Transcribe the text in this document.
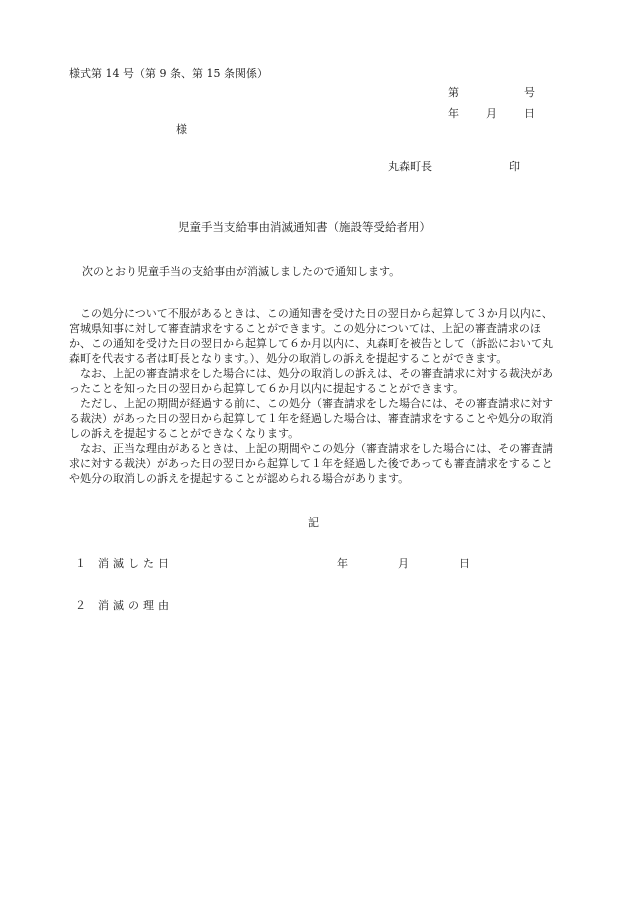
様式第 14 号（第 9 条、第 15 条関係）
第	号
年 月 日
様
丸森町長	印
児童手当支給事由消滅通知書（施設等受給者用）
次のとおり児童手当の支給事由が消滅しましたので通知します。

この処分について不服があるときは、この通知書を受けた日の翌日から起算して３か月以内に、宮城県知事に対して審査請求をすることができます。この処分については、上記の審査請求のほか、この通知を受けた日の翌日から起算して６か月以内に、丸森町を被告として（訴訟において丸森町を代表する者は町長となります。）、処分の取消しの訴えを提起することができます。

なお、上記の審査請求をした場合には、処分の取消しの訴えは、その審査請求に対する裁決があったことを知った日の翌日から起算して６か月以内に提起することができます。

ただし、上記の期間が経過する前に、この処分（審査請求をした場合には、その審査請求に対する裁決）があった日の翌日から起算して１年を経過した場合は、審査請求をすることや処分の取消しの訴えを提起することができなくなります。

なお、正当な理由があるときは、上記の期間やこの処分（審査請求をした場合には、その審査請求に対する裁決）があった日の翌日から起算して１年を経過した後であっても審査請求をすることや処分の取消しの訴えを提起することが認められる場合があります。

記
１ 消滅した日	年	月	日
２ 消滅の理由
